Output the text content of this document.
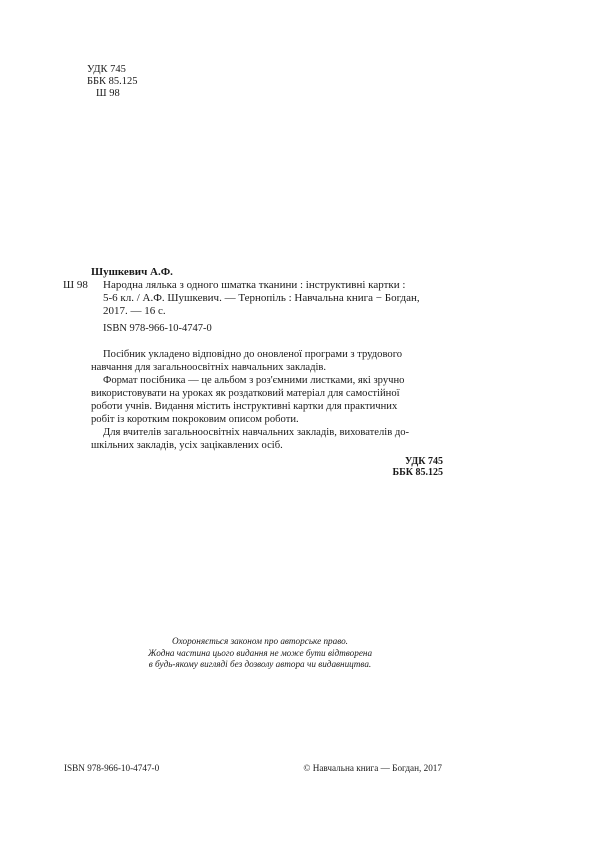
УДК 745
ББК 85.125
Ш 98
Шушкевич А.Ф.
Ш 98 Народна лялька з одного шматка тканини : інструктивні картки :
5-6 кл. / А.Ф. Шушкевич. — Тернопіль : Навчальна книга − Богдан,
2017. — 16 с.
ISBN 978-966-10-4747-0
Посібник укладено відповідно до оновленої програми з трудового
навчання для загальноосвітніх навчальних закладів.
Формат посібника — це альбом з роз'ємними листками, які зручно
використовувати на уроках як роздатковий матеріал для самостійної
роботи учнів. Видання містить інструктивні картки для практичних
робіт із коротким покроковим описом роботи.
Для вчителів загальноосвітніх навчальних закладів, вихователів до-
шкільних закладів, усіх зацікавлених осіб.
УДК 745
ББК 85.125
Охороняється законом про авторське право.
Жодна частина цього видання не може бути відтворена
в будь-якому вигляді без дозволу автора чи видавництва.
ISBN 978-966-10-4747-0	© Навчальна книга — Богдан, 2017
